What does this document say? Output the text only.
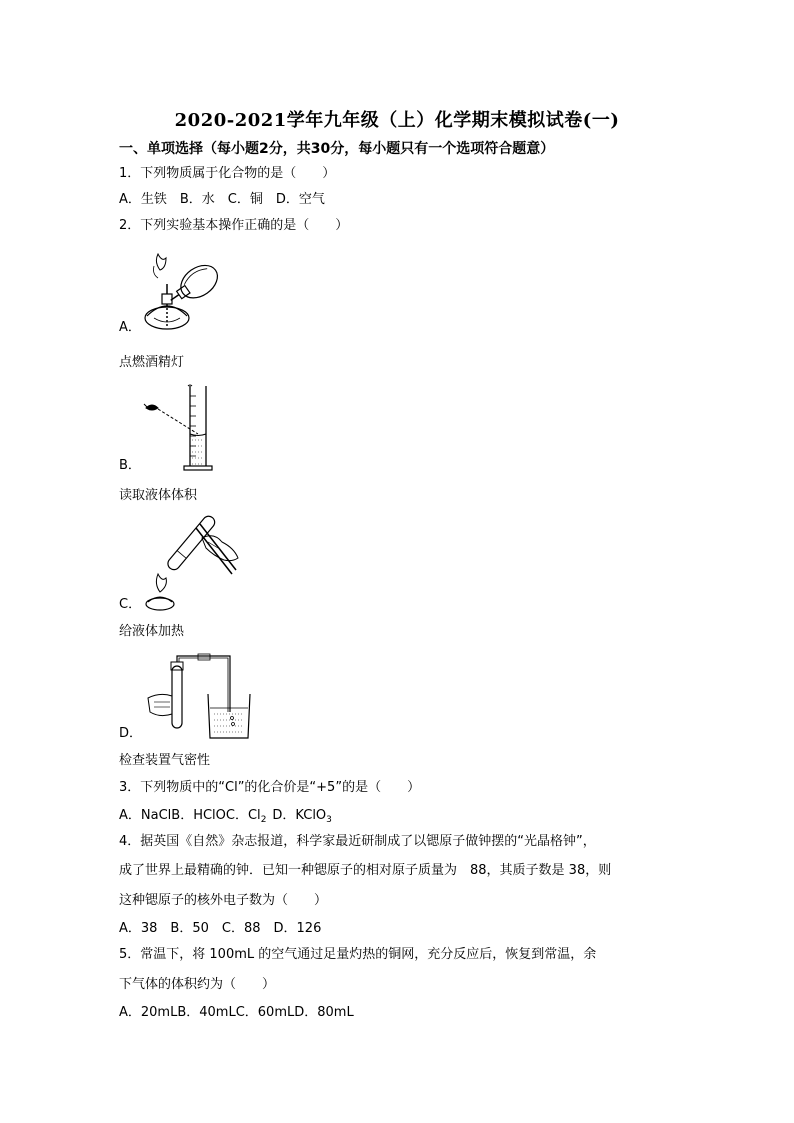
2020-2021学年九年级（上）化学期末模拟试卷(一)
一、单项选择（每小题2分，共30分，每小题只有一个选项符合题意）
1．下列物质属于化合物的是（　　）
A．生铁　B．水　C．铜　D．空气
2．下列实验基本操作正确的是（　　）
A．
点燃酒精灯
B．
读取液体体积
C．
给液体加热
D．
检查装置气密性
3．下列物质中的“Cl”的化合价是“+5”的是（　　）
A．NaClB．HClOC．$Cl_2$ D．KClO$_3$
4．据英国《自然》杂志报道，科学家最近研制成了以锶原子做钟摆的“光晶格钟”，
成了世界上最精确的钟．已知一种锶原子的相对原子质量为　88，其质子数是 38，则
这种锶原子的核外电子数为（　　）
A．38　B．50　C．88　D．126
5．常温下，将 100mL 的空气通过足量灼热的铜网，充分反应后，恢复到常温，余
下气体的体积约为（　　）
A．20mLB．40mLC．60mLD．80mL
